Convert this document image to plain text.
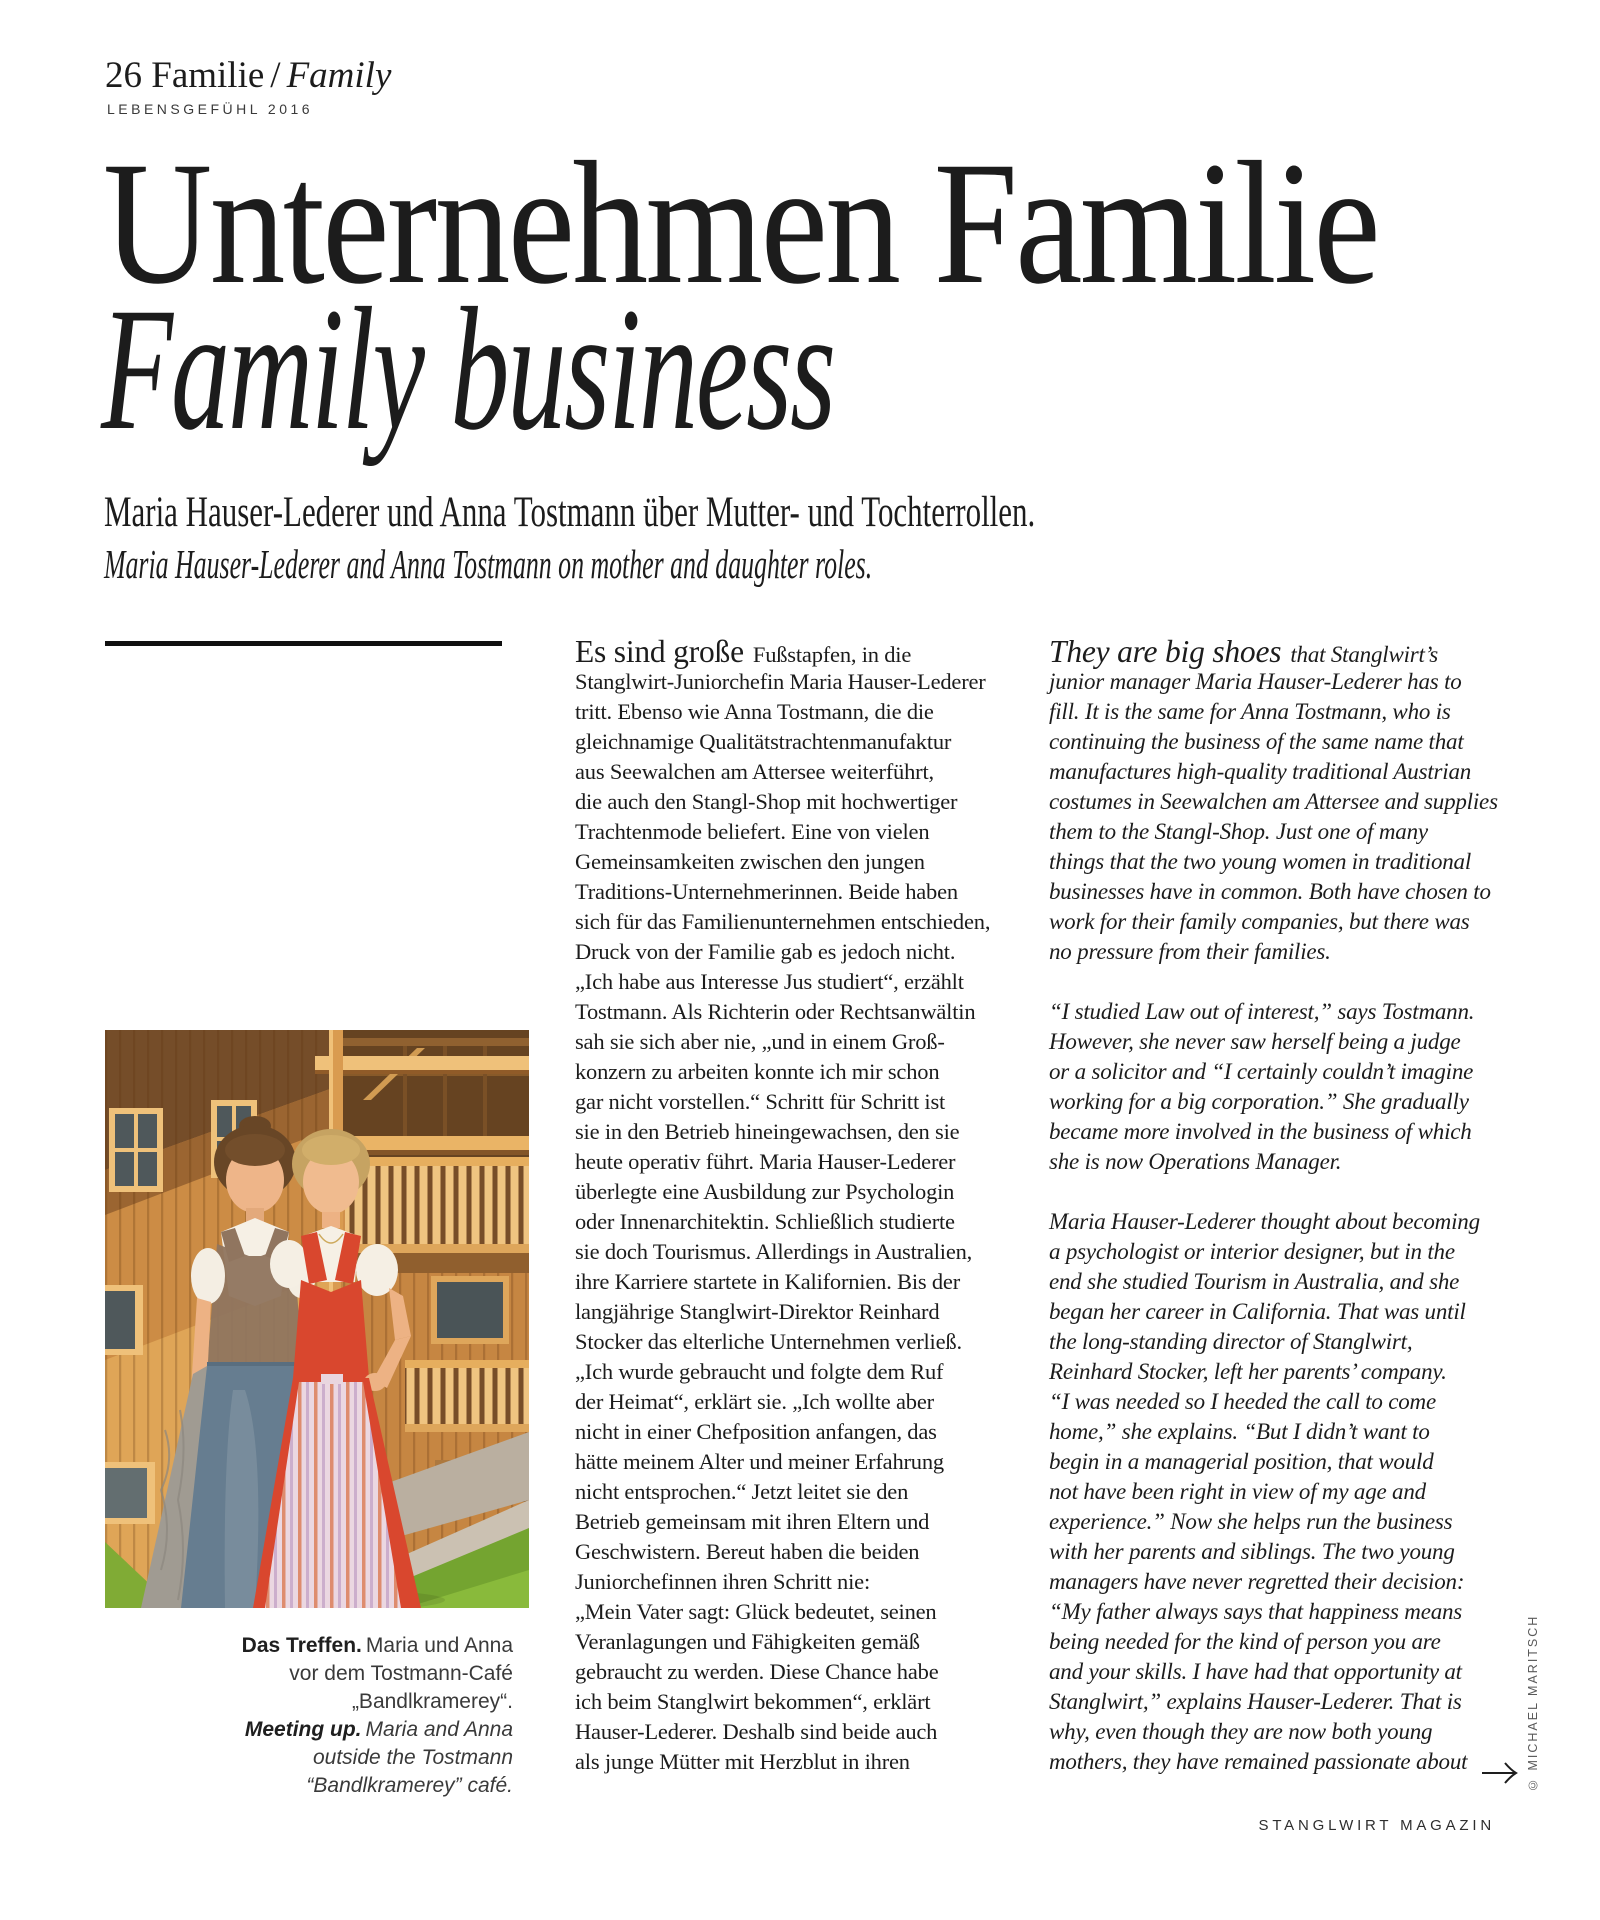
26 Familie / Family
LEBENSGEFÜHL 2016
Unternehmen Familie
Family business

Maria Hauser-Lederer und Anna Tostmann über Mutter- und Tochterrollen.

Maria Hauser-Lederer and Anna Tostmann on mother and daughter roles.

Es sind große Fußstapfen, in die
Stanglwirt-Juniorchefin Maria Hauser-Lederer
tritt. Ebenso wie Anna Tostmann, die die
gleichnamige Qualitätstrachtenmanufaktur
aus Seewalchen am Attersee weiterführt,
die auch den Stangl-Shop mit hochwertiger
Trachtenmode beliefert. Eine von vielen
Gemeinsamkeiten zwischen den jungen
Traditions-Unternehmerinnen. Beide haben
sich für das Familienunternehmen entschieden,
Druck von der Familie gab es jedoch nicht.
„Ich habe aus Interesse Jus studiert“, erzählt
Tostmann. Als Richterin oder Rechtsanwältin
sah sie sich aber nie, „und in einem Groß-
konzern zu arbeiten konnte ich mir schon
gar nicht vorstellen.“ Schritt für Schritt ist
sie in den Betrieb hineingewachsen, den sie
heute operativ führt. Maria Hauser-Lederer
überlegte eine Ausbildung zur Psychologin
oder Innenarchitektin. Schließlich studierte
sie doch Tourismus. Allerdings in Australien,
ihre Karriere startete in Kalifornien. Bis der
langjährige Stanglwirt-Direktor Reinhard
Stocker das elterliche Unternehmen verließ.
„Ich wurde gebraucht und folgte dem Ruf
der Heimat“, erklärt sie. „Ich wollte aber
nicht in einer Chefposition anfangen, das
hätte meinem Alter und meiner Erfahrung
nicht entsprochen.“ Jetzt leitet sie den
Betrieb gemeinsam mit ihren Eltern und
Geschwistern. Bereut haben die beiden
Juniorchefinnen ihren Schritt nie:
„Mein Vater sagt: Glück bedeutet, seinen
Veranlagungen und Fähigkeiten gemäß
gebraucht zu werden. Diese Chance habe
ich beim Stanglwirt bekommen“, erklärt
Hauser-Lederer. Deshalb sind beide auch
als junge Mütter mit Herzblut in ihren
They are big shoes that Stanglwirt’s
junior manager Maria Hauser-Lederer has to
fill. It is the same for Anna Tostmann, who is
continuing the business of the same name that
manufactures high-quality traditional Austrian
costumes in Seewalchen am Attersee and supplies
them to the Stangl-Shop. Just one of many
things that the two young women in traditional
businesses have in common. Both have chosen to
work for their family companies, but there was
no pressure from their families.
“I studied Law out of interest,” says Tostmann.
However, she never saw herself being a judge
or a solicitor and “I certainly couldn’t imagine
working for a big corporation.” She gradually
became more involved in the business of which
she is now Operations Manager.
Maria Hauser-Lederer thought about becoming
a psychologist or interior designer, but in the
end she studied Tourism in Australia, and she
began her career in California. That was until
the long-standing director of Stanglwirt,
Reinhard Stocker, left her parents’ company.
“I was needed so I heeded the call to come
home,” she explains. “But I didn’t want to
begin in a managerial position, that would
not have been right in view of my age and
experience.” Now she helps run the business
with her parents and siblings. The two young
managers have never regretted their decision:
“My father always says that happiness means
being needed for the kind of person you are
and your skills. I have had that opportunity at
Stanglwirt,” explains Hauser-Lederer. That is
why, even though they are now both young
mothers, they have remained passionate about
Das Treffen. Maria und Anna
vor dem Tostmann-Café
„Bandlkramerey“.
Meeting up. Maria and Anna
outside the Tostmann
“Bandlkramerey” café.	© MICHAEL MARITSCH
STANGLWIRT MAGAZIN
